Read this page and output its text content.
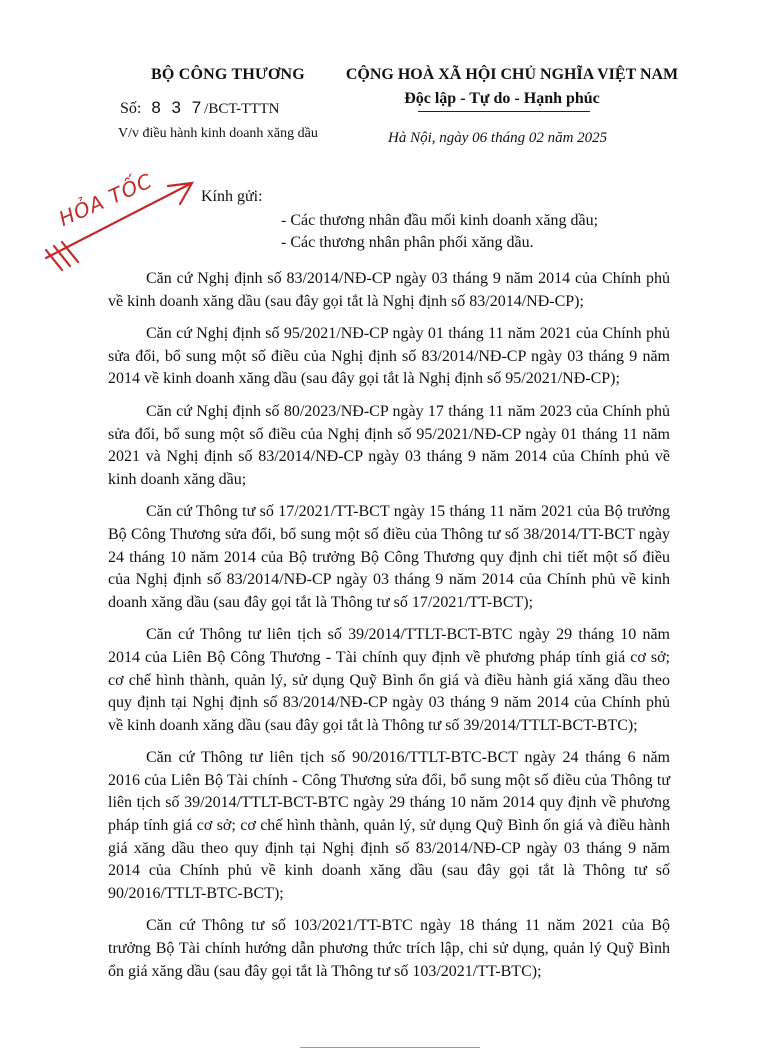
BỘ CÔNG THƯƠNG
Số: 8 3 7/BCT-TTTN
V/v điều hành kinh doanh xăng dầu
CỘNG HOÀ XÃ HỘI CHỦ NGHĨA VIỆT NAM
Độc lập - Tự do - Hạnh phúc
Hà Nội, ngày 06 tháng 02 năm 2025
HỎA TỐC	Kính gửi:
- Các thương nhân đầu mối kinh doanh xăng dầu;
- Các thương nhân phân phối xăng dầu.

Căn cứ Nghị định số 83/2014/NĐ-CP ngày 03 tháng 9 năm 2014 của Chính phủ về kinh doanh xăng dầu (sau đây gọi tắt là Nghị định số 83/2014/NĐ-CP);

Căn cứ Nghị định số 95/2021/NĐ-CP ngày 01 tháng 11 năm 2021 của Chính phủ sửa đổi, bổ sung một số điều của Nghị định số 83/2014/NĐ-CP ngày 03 tháng 9 năm 2014 về kinh doanh xăng dầu (sau đây gọi tắt là Nghị định số 95/2021/NĐ-CP);

Căn cứ Nghị định số 80/2023/NĐ-CP ngày 17 tháng 11 năm 2023 của Chính phủ sửa đổi, bổ sung một số điều của Nghị định số 95/2021/NĐ-CP ngày 01 tháng 11 năm 2021 và Nghị định số 83/2014/NĐ-CP ngày 03 tháng 9 năm 2014 của Chính phủ về kinh doanh xăng dầu;

Căn cứ Thông tư số 17/2021/TT-BCT ngày 15 tháng 11 năm 2021 của Bộ trưởng Bộ Công Thương sửa đổi, bổ sung một số điều của Thông tư số 38/2014/TT-BCT ngày 24 tháng 10 năm 2014 của Bộ trưởng Bộ Công Thương quy định chi tiết một số điều của Nghị định số 83/2014/NĐ-CP ngày 03 tháng 9 năm 2014 của Chính phủ về kinh doanh xăng dầu (sau đây gọi tắt là Thông tư số 17/2021/TT-BCT);

Căn cứ Thông tư liên tịch số 39/2014/TTLT-BCT-BTC ngày 29 tháng 10 năm 2014 của Liên Bộ Công Thương - Tài chính quy định về phương pháp tính giá cơ sở; cơ chế hình thành, quản lý, sử dụng Quỹ Bình ổn giá và điều hành giá xăng dầu theo quy định tại Nghị định số 83/2014/NĐ-CP ngày 03 tháng 9 năm 2014 của Chính phủ về kinh doanh xăng dầu (sau đây gọi tắt là Thông tư số 39/2014/TTLT-BCT-BTC);

Căn cứ Thông tư liên tịch số 90/2016/TTLT-BTC-BCT ngày 24 tháng 6 năm 2016 của Liên Bộ Tài chính - Công Thương sửa đổi, bổ sung một số điều của Thông tư liên tịch số 39/2014/TTLT-BCT-BTC ngày 29 tháng 10 năm 2014 quy định về phương pháp tính giá cơ sở; cơ chế hình thành, quản lý, sử dụng Quỹ Bình ổn giá và điều hành giá xăng dầu theo quy định tại Nghị định số 83/2014/NĐ-CP ngày 03 tháng 9 năm 2014 của Chính phủ về kinh doanh xăng dầu (sau đây gọi tắt là Thông tư số 90/2016/TTLT-BTC-BCT);

Căn cứ Thông tư số 103/2021/TT-BTC ngày 18 tháng 11 năm 2021 của Bộ trưởng Bộ Tài chính hướng dẫn phương thức trích lập, chi sử dụng, quản lý Quỹ Bình ổn giá xăng dầu (sau đây gọi tắt là Thông tư số 103/2021/TT-BTC);
